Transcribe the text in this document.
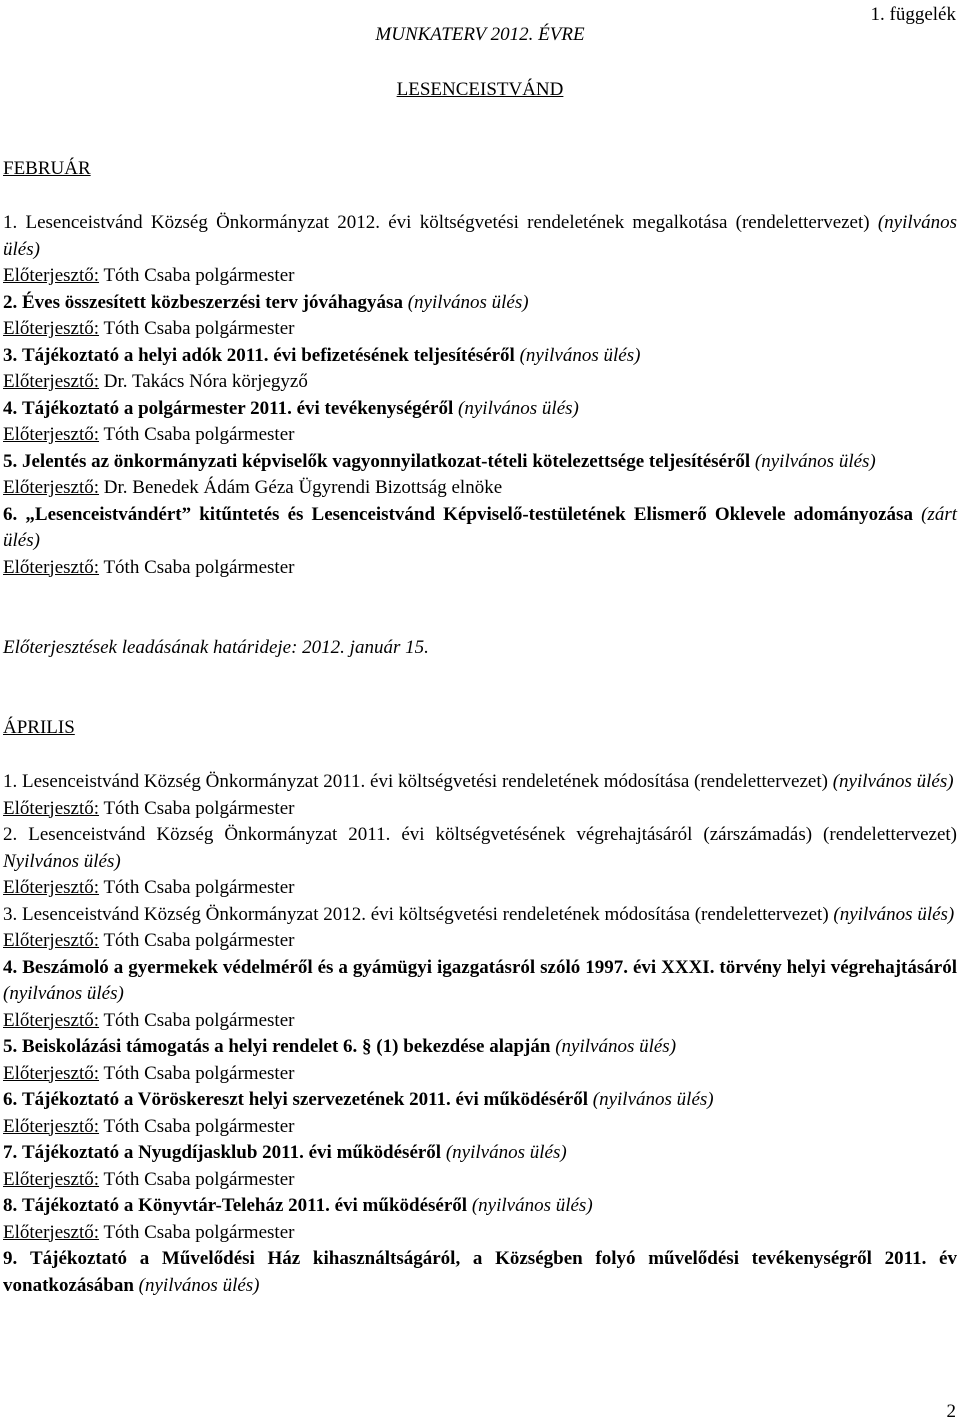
1. függelék
MUNKATERV 2012. ÉVRE
LESENCEISTVÁND
FEBRUÁR
1. Lesenceistvánd Község Önkormányzat 2012. évi költségvetési rendeletének megalkotása (rendelettervezet) (nyilvános ülés)
Előterjesztő: Tóth Csaba polgármester
2. Éves összesített közbeszerzési terv jóváhagyása (nyilvános ülés)
Előterjesztő: Tóth Csaba polgármester
3. Tájékoztató a helyi adók 2011. évi befizetésének teljesítéséről (nyilvános ülés)
Előterjesztő: Dr. Takács Nóra körjegyző
4. Tájékoztató a polgármester 2011. évi tevékenységéről (nyilvános ülés)
Előterjesztő: Tóth Csaba polgármester
5. Jelentés az önkormányzati képviselők vagyonnyilatkozat-tételi kötelezettsége teljesítéséről (nyilvános ülés)
Előterjesztő: Dr. Benedek Ádám Géza Ügyrendi Bizottság elnöke
6. „Lesenceistvándért” kitűntetés és Lesenceistvánd Képviselő-testületének Elismerő Oklevele adományozása (zárt ülés)
Előterjesztő: Tóth Csaba polgármester
Előterjesztések leadásának határideje: 2012. január 15.
ÁPRILIS
1. Lesenceistvánd Község Önkormányzat 2011. évi költségvetési rendeletének módosítása (rendelettervezet) (nyilvános ülés)
Előterjesztő: Tóth Csaba polgármester
2. Lesenceistvánd Község Önkormányzat 2011. évi költségvetésének végrehajtásáról (zárszámadás) (rendelettervezet) Nyilvános ülés)
Előterjesztő: Tóth Csaba polgármester
3. Lesenceistvánd Község Önkormányzat 2012. évi költségvetési rendeletének módosítása (rendelettervezet) (nyilvános ülés)
Előterjesztő: Tóth Csaba polgármester
4. Beszámoló a gyermekek védelméről és a gyámügyi igazgatásról szóló 1997. évi XXXI. törvény helyi végrehajtásáról (nyilvános ülés)
Előterjesztő: Tóth Csaba polgármester
5. Beiskolázási támogatás a helyi rendelet 6. § (1) bekezdése alapján (nyilvános ülés)
Előterjesztő: Tóth Csaba polgármester
6. Tájékoztató a Vöröskereszt helyi szervezetének 2011. évi működéséről (nyilvános ülés)
Előterjesztő: Tóth Csaba polgármester
7. Tájékoztató a Nyugdíjasklub 2011. évi működéséről (nyilvános ülés)
Előterjesztő: Tóth Csaba polgármester
8. Tájékoztató a Könyvtár-Teleház 2011. évi működéséről (nyilvános ülés)
Előterjesztő: Tóth Csaba polgármester
9. Tájékoztató a Művelődési Ház kihasználtságáról, a Községben folyó művelődési tevékenységről 2011. év vonatkozásában (nyilvános ülés)
2
